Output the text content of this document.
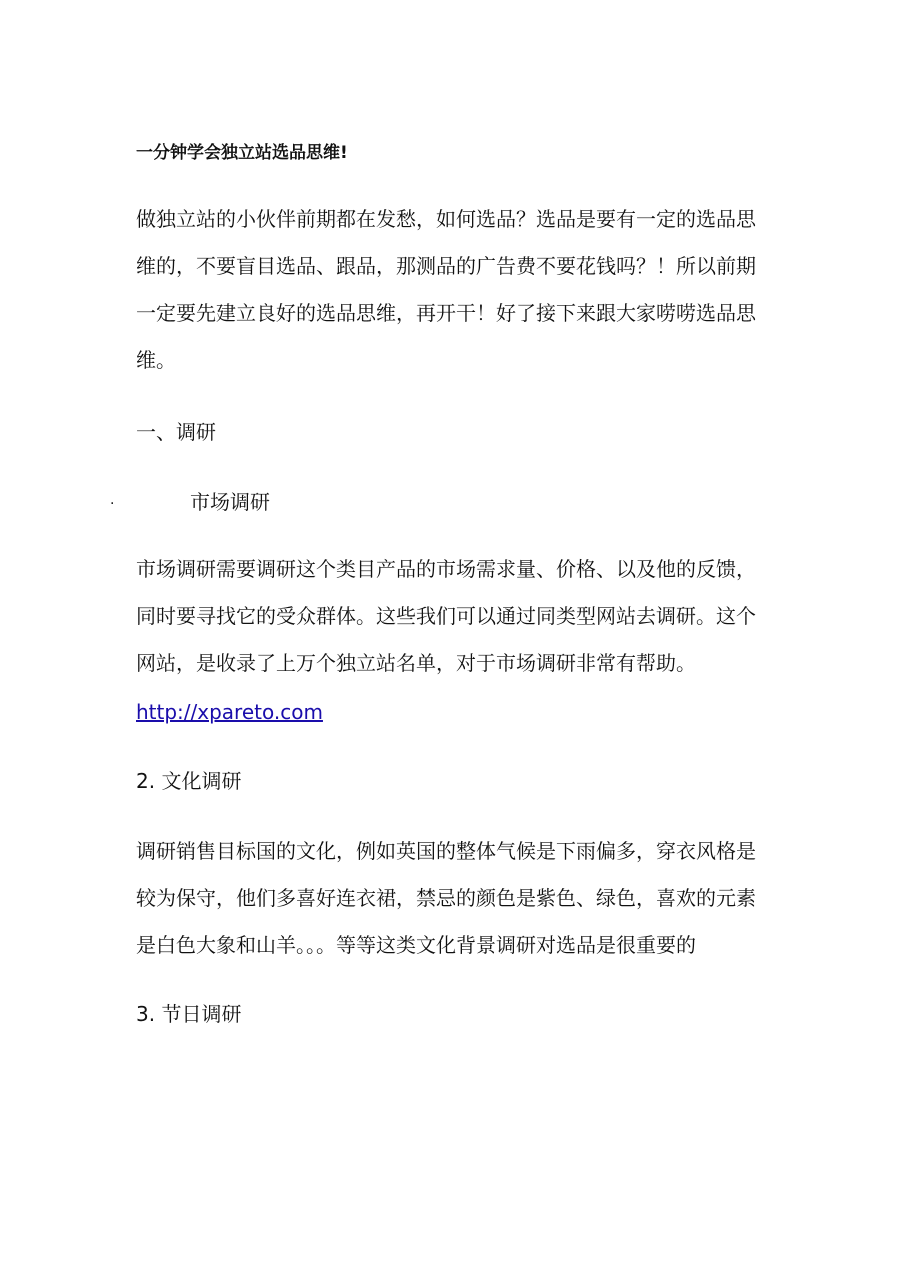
一分钟学会独立站选品思维!
做独立站的小伙伴前期都在发愁，如何选品？选品是要有一定的选品思
维的，不要盲目选品、跟品，那测品的广告费不要花钱吗？！所以前期
一定要先建立良好的选品思维，再开干！好了接下来跟大家唠唠选品思
维。
一、调研
·	市场调研
市场调研需要调研这个类目产品的市场需求量、价格、以及他的反馈，
同时要寻找它的受众群体。这些我们可以通过同类型网站去调研。这个
网站，是收录了上万个独立站名单，对于市场调研非常有帮助。
http://xpareto.com
2. 文化调研
调研销售目标国的文化，例如英国的整体气候是下雨偏多，穿衣风格是
较为保守，他们多喜好连衣裙，禁忌的颜色是紫色、绿色，喜欢的元素
是白色大象和山羊。。。等等这类文化背景调研对选品是很重要的
3. 节日调研
